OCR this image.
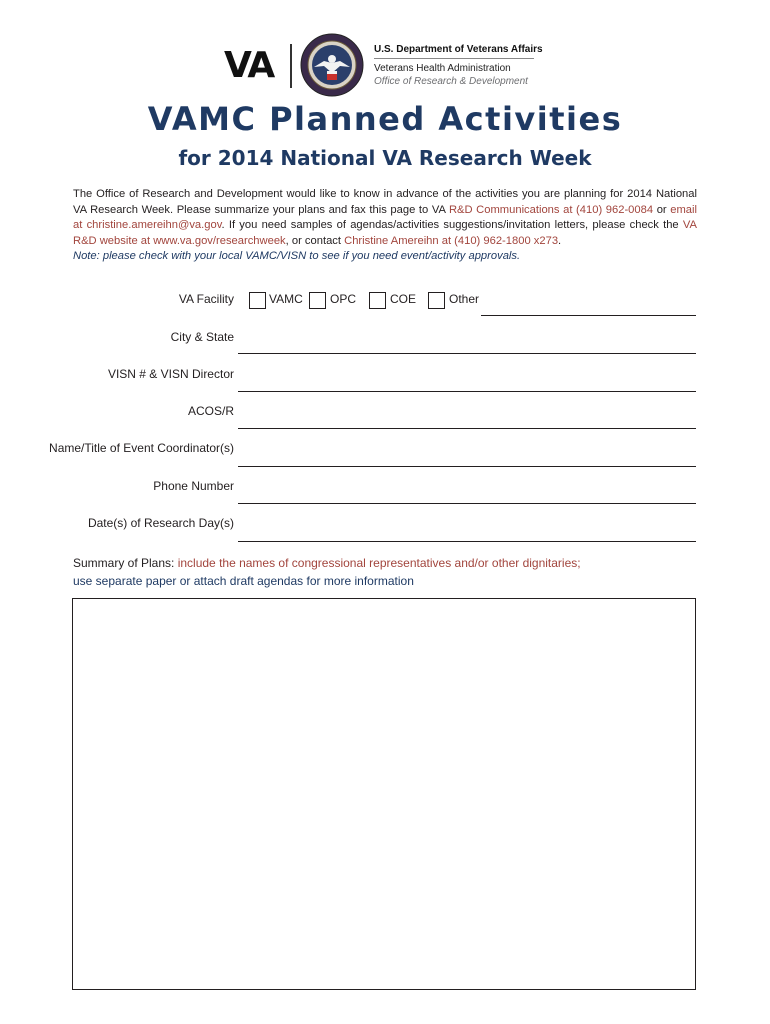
VA	U.S. Department of Veterans Affairs
Veterans Health Administration
Office of Research & Development
VAMC Planned Activities
for 2014 National VA Research Week
The Office of Research and Development would like to know in advance of the activities you are planning for 2014 National VA Research Week. Please summarize your plans and fax this page to VA R&D Communications at (410) 962-0084 or email at christine.amereihn@va.gov. If you need samples of agendas/activities suggestions/invitation letters, please check the VA R&D website at www.va.gov/researchweek, or contact Christine Amereihn at (410) 962-1800 x273.
Note: please check with your local VAMC/VISN to see if you need event/activity approvals.
VA Facility	VAMC OPC	COE	Other
City & State
VISN # & VISN Director
ACOS/R
Name/Title of Event Coordinator(s)
Phone Number
Date(s) of Research Day(s)
Summary of Plans: include the names of congressional representatives and/or other dignitaries;
use separate paper or attach draft agendas for more information
